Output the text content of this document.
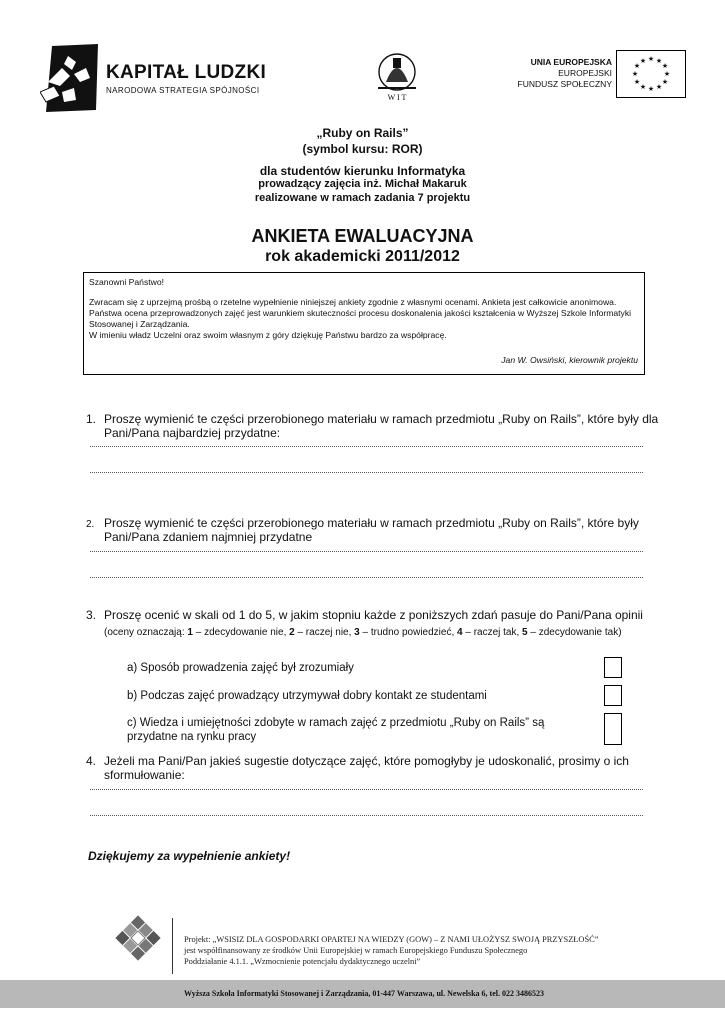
KAPITAŁ LUDZKI
NARODOWA STRATEGIA SPÓJNOŚCI
W I T
UNIA EUROPEJSKA
EUROPEJSKI
FUNDUSZ SPOŁECZNY
★ ★
★
★
★
★
★
★
★
★
★
★
„Ruby on Rails”
(symbol kursu: ROR)
dla studentów kierunku Informatyka
prowadzący zajęcia inż. Michał Makaruk
realizowane w ramach zadania 7 projektu
ANKIETA EWALUACYJNA
rok akademicki 2011/2012
Szanowni Państwo!
Zwracam się z uprzejmą prośbą o rzetelne wypełnienie niniejszej ankiety zgodnie z własnymi ocenami. Ankieta jest całkowicie anonimowa. Państwa ocena przeprowadzonych zajęć jest warunkiem skuteczności procesu doskonalenia jakości kształcenia w Wyższej Szkole Informatyki Stosowanej i Zarządzania.
W imieniu władz Uczelni oraz swoim własnym z góry dziękuję Państwu bardzo za współpracę.
Jan W. Owsiński, kierownik projektu
1. Proszę wymienić te części przerobionego materiału w ramach przedmiotu „Ruby on Rails”, które były dla Pani/Pana najbardziej przydatne:
2. Proszę wymienić te części przerobionego materiału w ramach przedmiotu „Ruby on Rails”, które były Pani/Pana zdaniem najmniej przydatne
3. Proszę ocenić w skali od 1 do 5, w jakim stopniu każde z poniższych zdań pasuje do Pani/Pana opinii (oceny oznaczają: 1 – zdecydowanie nie, 2 – raczej nie, 3 – trudno powiedzieć, 4 – raczej tak, 5 – zdecydowanie tak)
a) Sposób prowadzenia zajęć był zrozumiały
b) Podczas zajęć prowadzący utrzymywał dobry kontakt ze studentami
c) Wiedza i umiejętności zdobyte w ramach zajęć z przedmiotu „Ruby on Rails” są
przydatne na rynku pracy
4. Jeżeli ma Pani/Pan jakieś sugestie dotyczące zajęć, które pomogłyby je udoskonalić, prosimy o ich sformułowanie:
Dziękujemy za wypełnienie ankiety!
Projekt: „WSISIZ DLA GOSPODARKI OPARTEJ NA WIEDZY (GOW) – Z NAMI UŁOŻYSZ SWOJĄ PRZYSZŁOŚĆ”
jest współfinansowany ze środków Unii Europejskiej w ramach Europejskiego Funduszu Społecznego
Poddziałanie 4.1.1. „Wzmocnienie potencjału dydaktycznego uczelni”
Wyższa Szkoła Informatyki Stosowanej i Zarządzania, 01-447 Warszawa, ul. Newelska 6, tel. 022 3486523
